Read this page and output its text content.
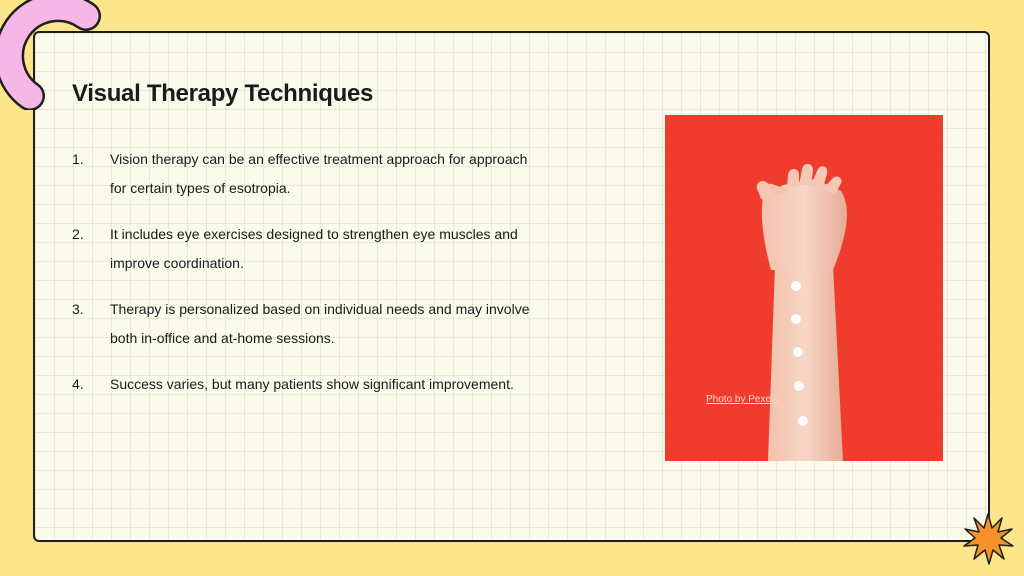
Visual Therapy Techniques
1.	Vision therapy can be an effective treatment approach for approach for certain types of esotropia.
2.	It includes eye exercises designed to strengthen eye muscles and improve coordination.
3.	Therapy is personalized based on individual needs and may involve both in-office and at-home sessions.
4.	Success varies, but many patients show significant improvement.
Photo by Pexels
